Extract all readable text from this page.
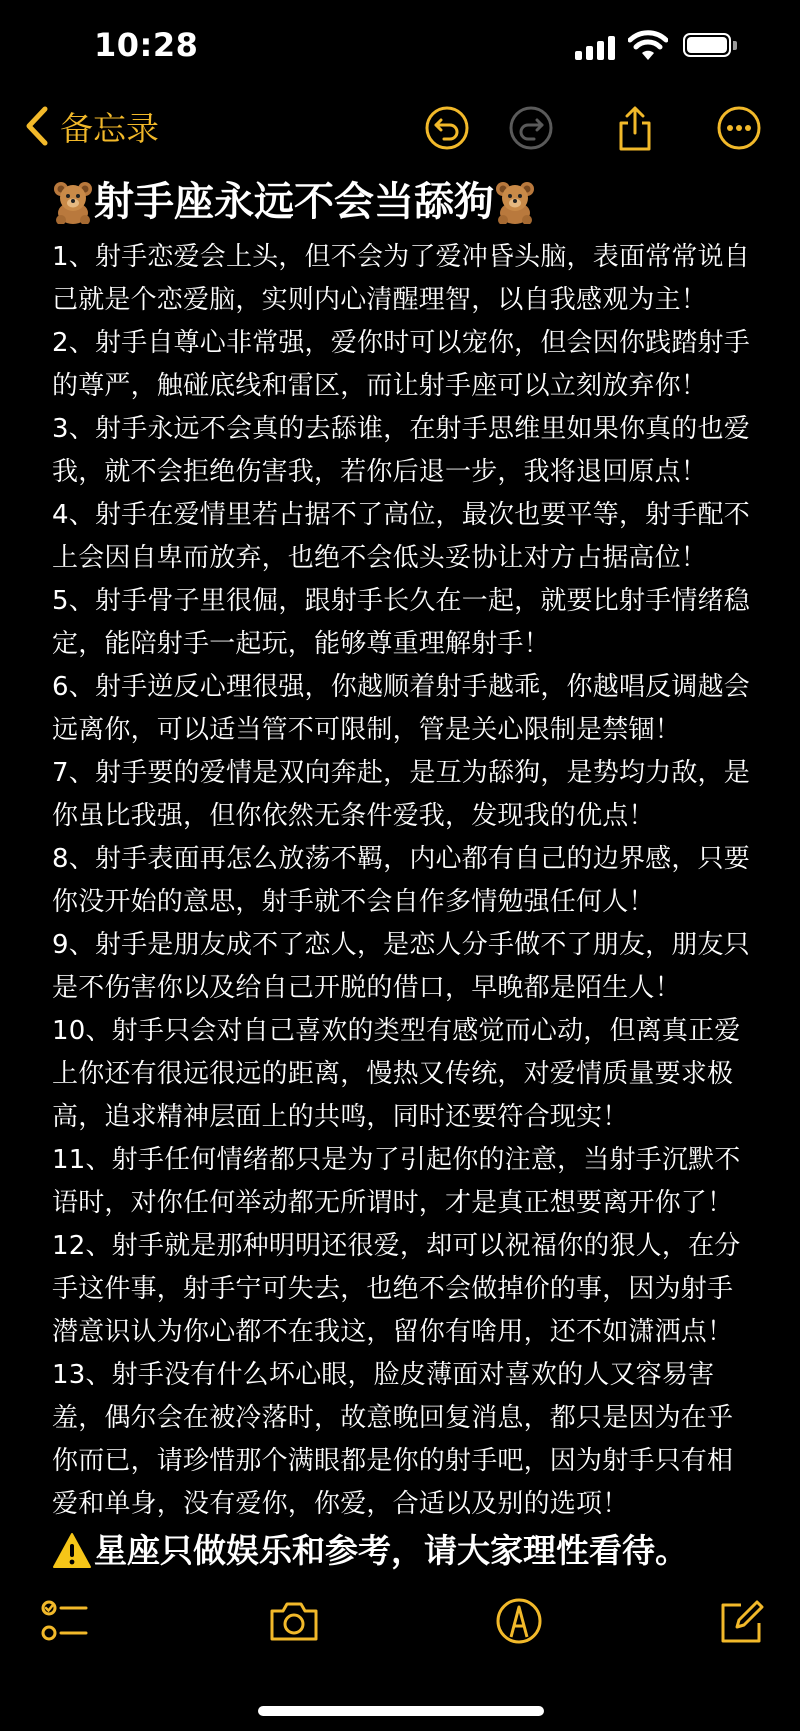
10:28
备忘录
射手座永远不会当舔狗

1、射手恋爱会上头，但不会为了爱冲昏头脑，表面常常说自己就是个恋爱脑，实则内心清醒理智，以自我感观为主！

2、射手自尊心非常强，爱你时可以宠你，但会因你践踏射手的尊严，触碰底线和雷区，而让射手座可以立刻放弃你！

3、射手永远不会真的去舔谁，在射手思维里如果你真的也爱我，就不会拒绝伤害我，若你后退一步，我将退回原点！

4、射手在爱情里若占据不了高位，最次也要平等，射手配不上会因自卑而放弃，也绝不会低头妥协让对方占据高位！

5、射手骨子里很倔，跟射手长久在一起，就要比射手情绪稳定，能陪射手一起玩，能够尊重理解射手！

6、射手逆反心理很强，你越顺着射手越乖，你越唱反调越会远离你，可以适当管不可限制，管是关心限制是禁锢！

7、射手要的爱情是双向奔赴，是互为舔狗，是势均力敌，是你虽比我强，但你依然无条件爱我，发现我的优点！

8、射手表面再怎么放荡不羁，内心都有自己的边界感，只要你没开始的意思，射手就不会自作多情勉强任何人！

9、射手是朋友成不了恋人，是恋人分手做不了朋友，朋友只是不伤害你以及给自己开脱的借口，早晚都是陌生人！

10、射手只会对自己喜欢的类型有感觉而心动，但离真正爱上你还有很远很远的距离，慢热又传统，对爱情质量要求极高，追求精神层面上的共鸣，同时还要符合现实！

11、射手任何情绪都只是为了引起你的注意，当射手沉默不语时，对你任何举动都无所谓时，才是真正想要离开你了！

12、射手就是那种明明还很爱，却可以祝福你的狠人，在分手这件事，射手宁可失去，也绝不会做掉价的事，因为射手潜意识认为你心都不在我这，留你有啥用，还不如潇洒点！

13、射手没有什么坏心眼，脸皮薄面对喜欢的人又容易害羞，偶尔会在被冷落时，故意晚回复消息，都只是因为在乎你而已，请珍惜那个满眼都是你的射手吧，因为射手只有相爱和单身，没有爱你，你爱，合适以及别的选项！

星座只做娱乐和参考，请大家理性看待。
